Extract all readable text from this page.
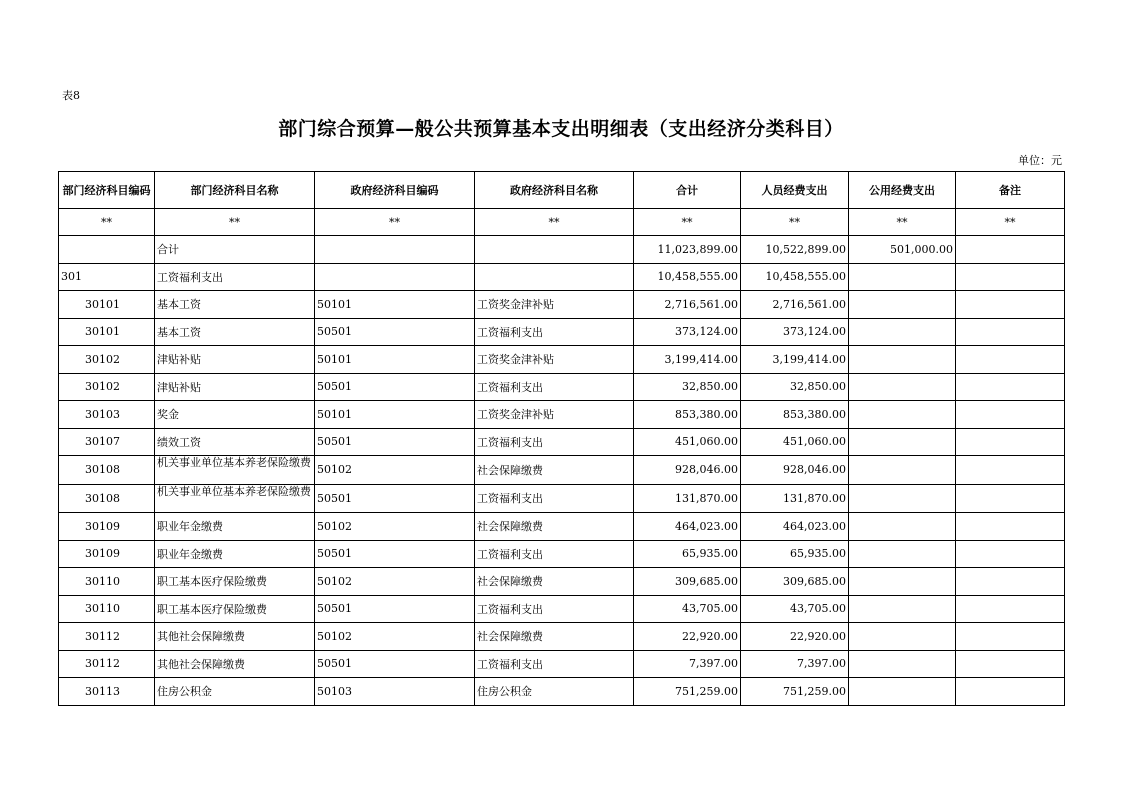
表8
部门综合预算—般公共预算基本支出明细表（支出经济分类科目）
单位：元
部门经济科目编码	部门经济科目名称	政府经济科目编码	政府经济科目名称	合计	人员经费支出	公用经费支出	备注
**	**	**	**	**	**	**	**
	合计			11,023,899.00	10,522,899.00	501,000.00	
301	工资福利支出			10,458,555.00	10,458,555.00		
30101	基本工资	50101	工资奖金津补贴	2,716,561.00	2,716,561.00		
30101	基本工资	50501	工资福利支出	373,124.00	373,124.00		
30102	津贴补贴	50101	工资奖金津补贴	3,199,414.00	3,199,414.00		
30102	津贴补贴	50501	工资福利支出	32,850.00	32,850.00		
30103	奖金	50101	工资奖金津补贴	853,380.00	853,380.00		
30107	绩效工资	50501	工资福利支出	451,060.00	451,060.00		
30108	机关事业单位基本养老保险缴费	50102	社会保障缴费	928,046.00	928,046.00		
30108	机关事业单位基本养老保险缴费	50501	工资福利支出	131,870.00	131,870.00		
30109	职业年金缴费	50102	社会保障缴费	464,023.00	464,023.00		
30109	职业年金缴费	50501	工资福利支出	65,935.00	65,935.00		
30110	职工基本医疗保险缴费	50102	社会保障缴费	309,685.00	309,685.00		
30110	职工基本医疗保险缴费	50501	工资福利支出	43,705.00	43,705.00		
30112	其他社会保障缴费	50102	社会保障缴费	22,920.00	22,920.00		
30112	其他社会保障缴费	50501	工资福利支出	7,397.00	7,397.00		
30113	住房公积金	50103	住房公积金	751,259.00	751,259.00		
